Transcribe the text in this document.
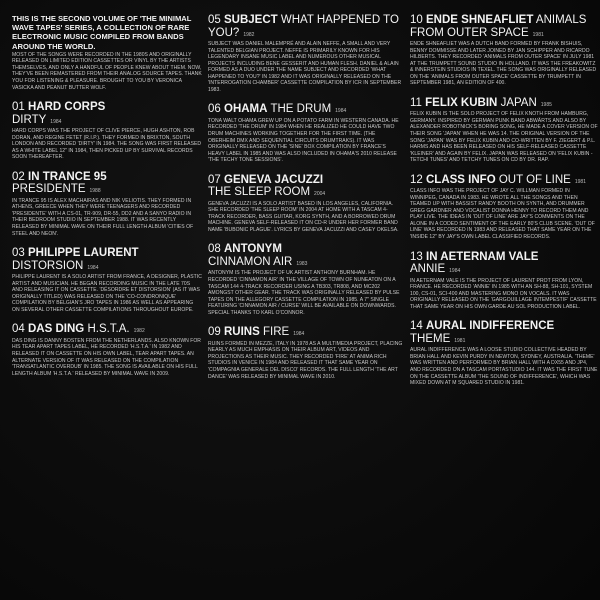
THIS IS THE SECOND VOLUME OF 'THE MINIMAL WAVE TAPES' SERIES, A COLLECTION OF RARE ELECTRONIC MUSIC COMPILED FROM BANDS AROUND THE WORLD.

MOST OF THE SONGS WERE RECORDED IN THE 1980S AND ORIGINALLY RELEASED ON LIMITED EDITION CASSETTES OR VINYL BY THE ARTISTS THEMSELVES, AND ONLY A HANDFUL OF PEOPLE KNEW ABOUT THEM. NOW, THEY'VE BEEN REMASTERED FROM THEIR ANALOG SOURCE TAPES. THANK YOU FOR LISTENING & PLEASURE. BROUGHT TO YOU BY VERONICA VASICKA AND PEANUT BUTTER WOLF.

01 HARD CORPS
DIRTY 1984

HARD CORPS WAS THE PROJECT OF CLIVE PIERCE, HUGH ASHTON, ROB DORAN, AND REGINE FETET (R.I.P.). THEY FORMED IN BRIXTON, SOUTH LONDON AND RECORDED 'DIRTY' IN 1984. THE SONG WAS FIRST RELEASED AS A WHITE LABEL 12" IN 1984, THEN PICKED UP BY SURVIVAL RECORDS SOON THEREAFTER.

02 IN TRANCE 95
PRESIDENTE 1988

IN TRANCE 95 IS ALEX MACHAIRAS AND NIK VELIOTIS. THEY FORMED IN ATHENS, GREECE WHEN THEY WERE TEENAGERS AND RECORDED 'PRESIDENTE' WITH A CS-01, TR-909, DR-55, DD2 AND A SANYO RADIO IN THEIR BEDROOM STUDIO IN SEPTEMBER 1988. IT WAS RECENTLY RELEASED BY MINIMAL WAVE ON THEIR FULL LENGTH ALBUM 'CITIES OF STEEL AND NEON'.

03 PHILIPPE LAURENT
DISTORSION 1984

PHILIPPE LAURENT IS A SOLO ARTIST FROM FRANCE, A DESIGNER, PLASTIC ARTIST AND MUSICIAN. HE BEGAN RECORDING MUSIC IN THE LATE 70S AND RELEASING IT ON CASSETTE. 'DÉSORDRE ET DISTORSION' (AS IT WAS ORIGINALLY TITLED) WAS RELEASED ON THE 'CO-CONDRONIQUE' COMPILATION BY BELGIAN'S JRO TAPES IN 1986 AS WELL AS APPEARING ON SEVERAL OTHER CASSETTE COMPILATIONS THROUGHOUT EUROPE.

04 DAS DING H.S.T.A. 1982

DAS DING IS DANNY BOSTEN FROM THE NETHERLANDS. ALSO KNOWN FOR HIS TEAR APART TAPES LABEL, HE RECORDED 'H.S.T.A.' IN 1982 AND RELEASED IT ON CASSETTE ON HIS OWN LABEL, TEAR APART TAPES. AN ALTERNATE VERSION OF IT WAS RELEASED ON THE COMPILATION 'TRANSATLANTIC OVERDUB' IN 1985. THE SONG IS AVAILABLE ON HIS FULL LENGTH ALBUM 'H.S.T.A.' RELEASED BY MINIMAL WAVE IN 2009.

05 SUBJECT WHAT HAPPENED TO YOU? 1982

SUBJECT WAS DANIEL MALEMPRÉ AND ALAIN NEFFE, A SMALL AND VERY TALENTED BELGIAN PROJECT. NEFFE IS PRIMARILY KNOWN FOR HIS LEGENDARY INSANE MUSIC LABEL AND NUMEROUS OTHER MUSICAL PROJECTS INCLUDING BENE GESSERIT AND HUMAN FLESH. DANIEL & ALAIN FORMED AS A DUO UNDER THE NAME SUBJECT AND RECORDED 'WHAT HAPPENED TO YOU?' IN 1982 AND IT WAS ORIGINALLY RELEASED ON THE 'INTERROGATION CHAMBER' CASSETTE COMPILATION BY ICR IN SEPTEMBER 1983.

06 OHAMA THE DRUM 1984

TONA WALT OHAMA GREW UP ON A POTATO FARM IN WESTERN CANADA. HE RECORDED 'THE DRUM' IN 1984 WHEN HE REALIZED HE COULD HAVE TWO DRUM MACHINES WORKING TOGETHER FOR THE FIRST TIME. (THE OBERHEIM DMX AND SEQUENTIAL CIRCUITS DRUMTRAKS). IT WAS ORIGINALLY RELEASED ON THE 'SINE' BOX COMPILATION BY FRANCE'S HEAVY LABEL IN 1985 AND WAS ALSO INCLUDED IN OHAMA'S 2010 RELEASE 'THE TECHY TONE SESSIONS'.

07 GENEVA JACUZZI
THE SLEEP ROOM 2004

GENEVA JACUZZI IS A SOLO ARTIST BASED IN LOS ANGELES, CALIFORNIA. SHE RECORDED 'THE SLEEP ROOM' IN 2004 AT HOME WITH A TASCAM 4-TRACK RECORDER, BASS GUITAR, KORG SYNTH, AND A BORROWED DRUM MACHINE. GENEVA SELF-RELEASED IT ON CD-R UNDER HER FORMER BAND NAME 'BUBONIC PLAGUE'. LYRICS BY GENEVA JACUZZI AND CASEY OKELSA.

08 ANTONYM
CINNAMON AIR 1983

ANTONYM IS THE PROJECT OF UK ARTIST ANTHONY BURNHAM. HE RECORDED 'CINNAMON AIR' IN THE VILLAGE OF TOWN OF NUNEATON ON A TASCAM 144 4-TRACK RECORDER USING A TB303, TR808, AND MC202 AMONGST OTHER GEAR. THE TRACK WAS ORIGINALLY RELEASED BY PULSE TAPES ON THE ALLEGORY CASSETTE COMPILATION IN 1985. A 7" SINGLE FEATURING 'CINNAMON AIR / CURSE' WILL BE AVAILABLE ON DOWNWARDS. SPECIAL THANKS TO KARL O'CONNOR.

09 RUINS FIRE 1984

RUINS FORMED IN MEZZE, ITALY IN 1978 AS A MULTIMEDIA PROJECT, PLACING NEARLY AS MUCH EMPHASIS ON THEIR ALBUM ART, VIDEOS AND PROJECTIONS AS THEIR MUSIC. THEY RECORDED 'FIRE' AT ANIMA RICH STUDIOS IN VENICE IN 1984 AND RELEASED IT THAT SAME YEAR ON 'COMPAGNIA GENERALE DEL DISCO' RECORDS. THE FULL LENGTH 'THE ART DANCE' WAS RELEASED BY MINIMAL WAVE IN 2010.

10 ENDE SHNEAFLIET ANIMALS FROM OUTER SPACE 1981

ENDE SHNEAFLIET WAS A DUTCH BAND FORMED BY FRANK BISHUIS, BENNY DOMMISSE AND LATER JOINED BY JAN SCHIPPER AND RICARDO HILBERTS. THEY RECORDED 'ANIMALS FROM OUTER SPACE' IN JULY 1981 AT THE TRUMPETT SOUND STUDIO IN HOLLAND. IT WAS THE FREAKOWITZ & INNERSTEIN STUDIOS IN TEXEL. THE SONG WAS ORIGINALLY RELEASED ON THE 'ANIMALS FROM OUTER SPACE' CASSETTE BY TRUMPETT IN SEPTEMBER 1981, AN EDITION OF 400.

11 FELIX KUBIN JAPAN 1985

FELIX KUBIN IS THE SOLO PROJECT OF FELIX KNOTH FROM HAMBURG, GERMANY. INSPIRED BY GERMAN PUNK BAND ABWÄRTS AND ALSO BY ALEXANDER ROBOTNICK'S BORING SONG, HE MADE A COVER VERSION OF THEIR SONG 'JAPAN' WHEN HE WAS 14. THE ORIGINAL VERSION OF THE SONG 'JAPAN' WAS BY FELIX KUBIN AND CO-WRITTEN BY F. ZIEGERT & P.L. HARMS AND HAS BEEN RELEASED ON HIS SELF-RELEASED CASSETTE 'KLEINER' AND AGAIN BY FELIX. JAPAN WAS RELEASED ON 'FELIX KUBIN - TETCHI TUNES' AND TETCHY TUNES ON CD BY DR. RAP.

12 CLASS INFO OUT OF LINE 1981

CLASS INFO WAS THE PROJECT OF JAY C. WILLMAN FORMED IN WINNIPEG, CANADA IN 1983. HE WROTE ALL THE SONGS AND THEN TEAMED UP WITH BASSIST RANDY BOOTH ON SYNTH, AND DRUMMER GREG GARDNER AND VOCALIST DONNA HENNY TO RECORD THEM AND PLAY LIVE. THE IDEAS IN 'OUT OF LINE' ARE JAY'S COMMENTS ON THE ALONE IN A CODED SENTIMENT OF THE EARLY 80'S CLUB SCENE. 'OUT OF LINE' WAS RECORDED IN 1983 AND RELEASED THAT SAME YEAR ON THE 'INSIDE 12" BY JAY'S OWN LABEL CLASSIFIED RECORDS.

13 IN AETERNAM VALE
ANNIE 1984

IN AETERNAM VALE IS THE PROJECT OF LAURENT PROT FROM LYON, FRANCE. HE RECORDED 'ANNIE' IN 1985 WITH AN SH-88, SH-101, SYSTEM 100, CS-01, SCI-400 AND MASTERING MONO ON VOCALS. IT WAS ORIGINALLY RELEASED ON THE 'GARGOUILLAGE INTEMPESTIF' CASSETTE THAT SAME YEAR ON HIS OWN GARDE AU SOL PRODUCTION LABEL.

14 AURAL INDIFFERENCE
THEME 1981

AURAL INDIFFERENCE WAS A LOOSE STUDIO COLLECTIVE HEADED BY BRIAN HALL AND KEVIN PURDY IN NEWTON, SYDNEY, AUSTRALIA. 'THEME' WAS WRITTEN AND PERFORMED BY BRIAN HALL WITH A DX55 AND JP4, AND RECORDED ON A TASCAM PORTASTUDIO 144. IT WAS THE FIRST TUNE ON THE CASSETTE ALBUM 'THE SOUND OF INDIFFERENCE', WHICH WAS MIXED DOWN AT M SQUARED STUDIO IN 1981.
